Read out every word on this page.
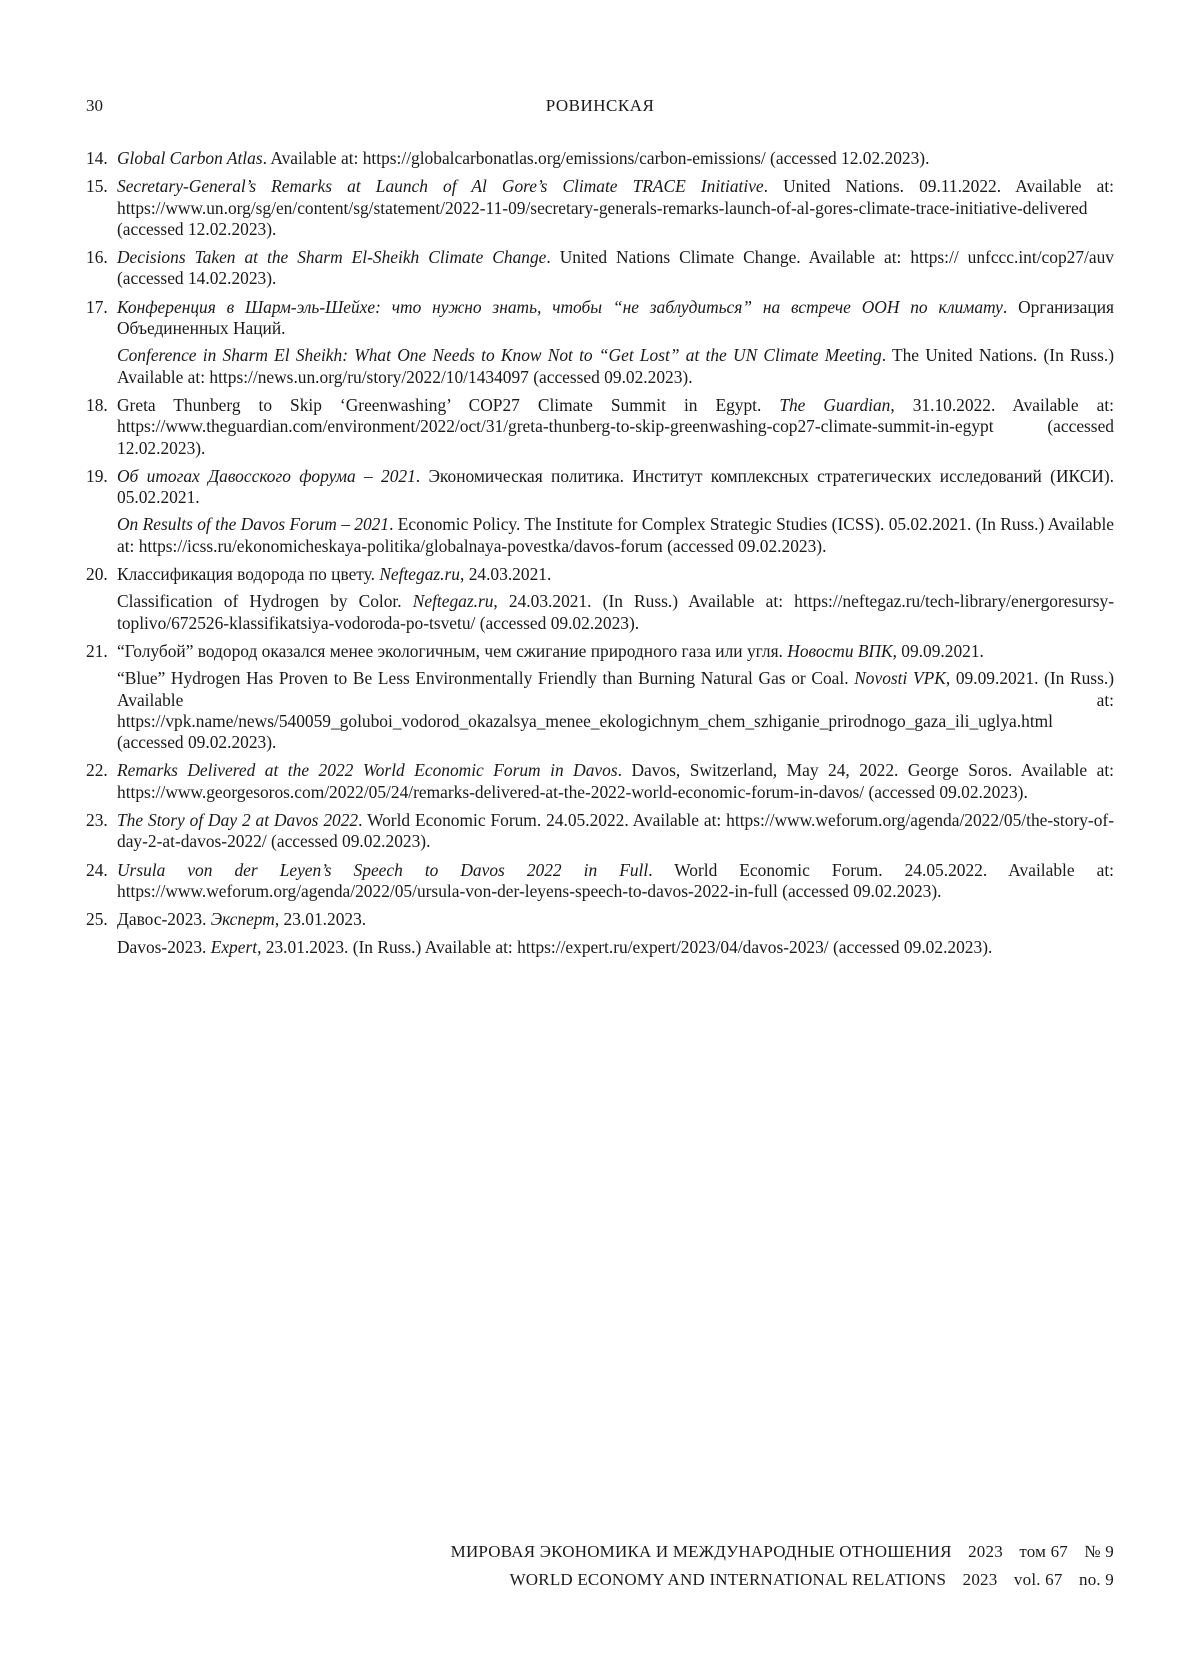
30	РОВИНСКАЯ
14. Global Carbon Atlas. Available at: https://globalcarbonatlas.org/emissions/carbon-emissions/ (accessed 12.02.2023).

15. Secretary-General’s Remarks at Launch of Al Gore’s Climate TRACE Initiative. United Nations. 09.11.2022. Available at: https://www.un.org/sg/en/content/sg/statement/2022-11-09/secretary-generals-remarks-launch-of-al-gores-climate-trace-initiative-delivered (accessed 12.02.2023).

16. Decisions Taken at the Sharm El-Sheikh Climate Change. United Nations Climate Change. Available at: https:// unfccc.int/cop27/auv (accessed 14.02.2023).

17. Конференция в Шарм-эль-Шейхе: что нужно знать, чтобы “не заблудиться” на встрече ООН по климату. Организация Объединенных Наций.

Conference in Sharm El Sheikh: What One Needs to Know Not to “Get Lost” at the UN Climate Meeting. The United Nations. (In Russ.) Available at: https://news.un.org/ru/story/2022/10/1434097 (accessed 09.02.2023).

18. Greta Thunberg to Skip ‘Greenwashing’ COP27 Climate Summit in Egypt. The Guardian, 31.10.2022. Available at: https://www.theguardian.com/environment/2022/oct/31/greta-thunberg-to-skip-greenwashing-cop27-climate-summit-in-egypt (accessed 12.02.2023).

19. Об итогах Давосского форума – 2021. Экономическая политика. Институт комплексных стратегических исследований (ИКСИ). 05.02.2021.

On Results of the Davos Forum – 2021. Economic Policy. The Institute for Complex Strategic Studies (ICSS). 05.02.2021. (In Russ.) Available at: https://icss.ru/ekonomicheskaya-politika/globalnaya-povestka/davos-forum (accessed 09.02.2023).

20. Классификация водорода по цвету. Neftegaz.ru, 24.03.2021.

Classification of Hydrogen by Color. Neftegaz.ru, 24.03.2021. (In Russ.) Available at: https://neftegaz.ru/tech-library/energoresursy-toplivo/672526-klassifikatsiya-vodoroda-po-tsvetu/ (accessed 09.02.2023).

21. “Голубой” водород оказался менее экологичным, чем сжигание природного газа или угля. Новости ВПК, 09.09.2021.

“Blue” Hydrogen Has Proven to Be Less Environmentally Friendly than Burning Natural Gas or Coal. Novosti VPK, 09.09.2021. (In Russ.) Available at: https://vpk.name/news/540059_goluboi_vodorod_okazalsya_menee_ekologichnym_chem_szhiganie_prirodnogo_gaza_ili_uglya.html (accessed 09.02.2023).

22. Remarks Delivered at the 2022 World Economic Forum in Davos. Davos, Switzerland, May 24, 2022. George Soros. Available at: https://www.georgesoros.com/2022/05/24/remarks-delivered-at-the-2022-world-economic-forum-in-davos/ (accessed 09.02.2023).

23. The Story of Day 2 at Davos 2022. World Economic Forum. 24.05.2022. Available at: https://www.weforum.org/agenda/2022/05/the-story-of-day-2-at-davos-2022/ (accessed 09.02.2023).

24. Ursula von der Leyen’s Speech to Davos 2022 in Full. World Economic Forum. 24.05.2022. Available at: https://www.weforum.org/agenda/2022/05/ursula-von-der-leyens-speech-to-davos-2022-in-full (accessed 09.02.2023).

25. Давос-2023. Эксперт, 23.01.2023.

Davos-2023. Expert, 23.01.2023. (In Russ.) Available at: https://expert.ru/expert/2023/04/davos-2023/ (accessed 09.02.2023).

МИРОВАЯ ЭКОНОМИКА И МЕЖДУНАРОДНЫЕ ОТНОШЕНИЯ 2023 том 67 № 9
WORLD ECONOMY AND INTERNATIONAL RELATIONS 2023 vol. 67 no. 9
